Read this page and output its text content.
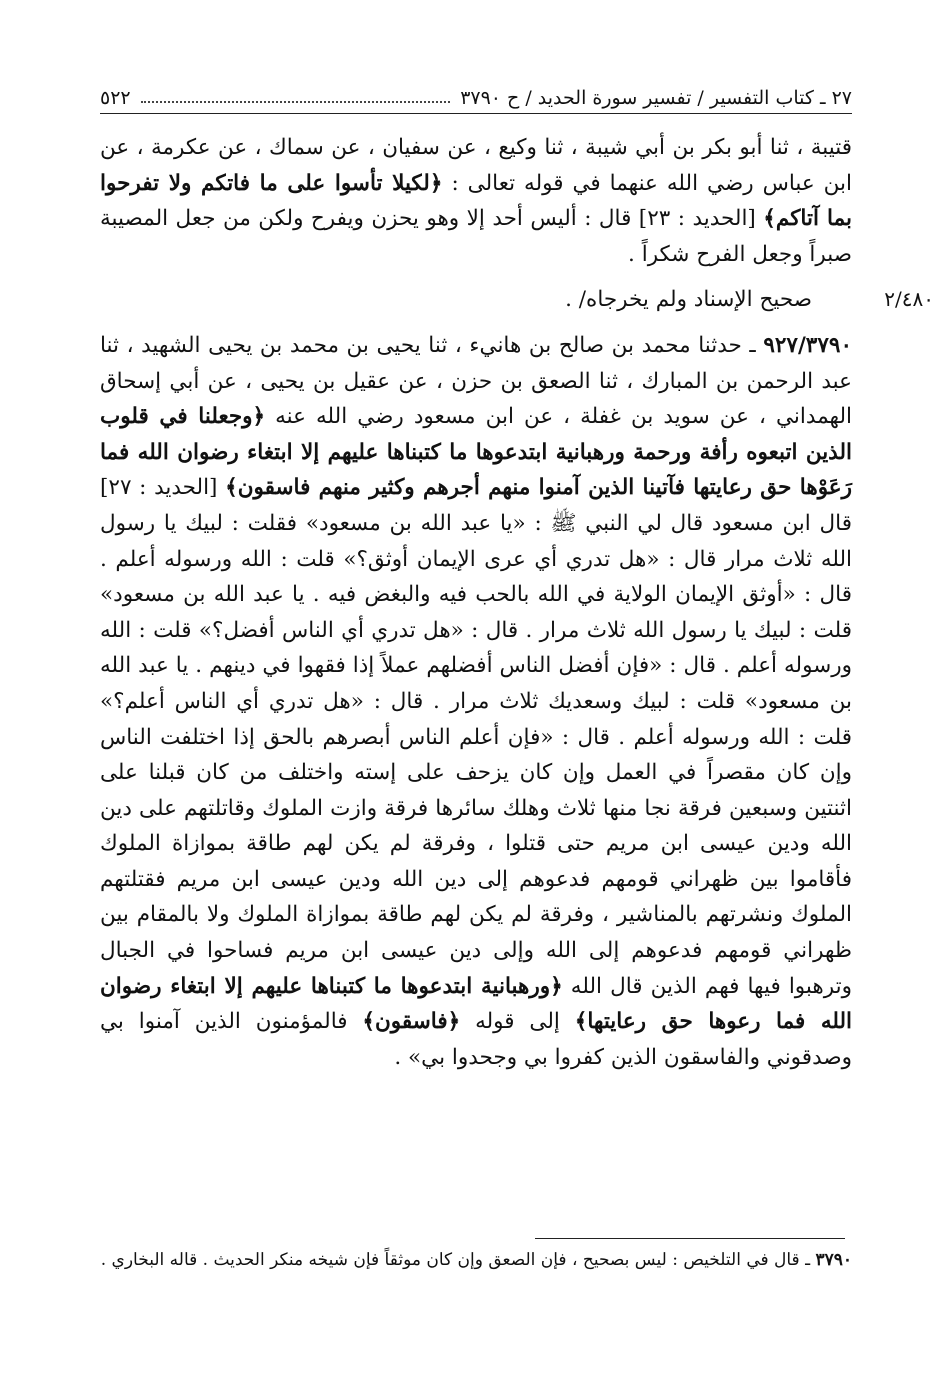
٢٧ ـ كتاب التفسير / تفسير سورة الحديد / ح ٣٧٩٠
٥٢٢

قتيبة ، ثنا أبو بكر بن أبي شيبة ، ثنا وكيع ، عن سفيان ، عن سماك ، عن عكرمة ، عن ابن عباس رضي الله عنهما في قوله تعالى : ﴿لكيلا تأسوا على ما فاتكم ولا تفرحوا بما آتاكم﴾ [الحديد : ٢٣] قال : أليس أحد إلا وهو يحزن ويفرح ولكن من جعل المصيبة صبراً وجعل الفرح شكراً .

٢/٤٨٠
صحيح الإسناد ولم يخرجاه/ .

٩٢٧/٣٧٩٠ ـ حدثنا محمد بن صالح بن هانيء ، ثنا يحيى بن محمد بن يحيى الشهيد ، ثنا عبد الرحمن بن المبارك ، ثنا الصعق بن حزن ، عن عقيل بن يحيى ، عن أبي إسحاق الهمداني ، عن سويد بن غفلة ، عن ابن مسعود رضي الله عنه ﴿وجعلنا في قلوب الذين اتبعوه رأفة ورحمة ورهبانية ابتدعوها ما كتبناها عليهم إلا ابتغاء رضوان الله فما رَعَوْها حق رعايتها فآتينا الذين آمنوا منهم أجرهم وكثير منهم فاسقون﴾ [الحديد : ٢٧] قال ابن مسعود قال لي النبي ﷺ : «يا عبد الله بن مسعود» فقلت : لبيك يا رسول الله ثلاث مرار قال : «هل تدري أي عرى الإيمان أوثق؟» قلت : الله ورسوله أعلم . قال : «أوثق الإيمان الولاية في الله بالحب فيه والبغض فيه . يا عبد الله بن مسعود» قلت : لبيك يا رسول الله ثلاث مرار . قال : «هل تدري أي الناس أفضل؟» قلت : الله ورسوله أعلم . قال : «فإن أفضل الناس أفضلهم عملاً إذا فقهوا في دينهم . يا عبد الله بن مسعود» قلت : لبيك وسعديك ثلاث مرار . قال : «هل تدري أي الناس أعلم؟» قلت : الله ورسوله أعلم . قال : «فإن أعلم الناس أبصرهم بالحق إذا اختلفت الناس وإن كان مقصراً في العمل وإن كان يزحف على إسته واختلف من كان قبلنا على اثنتين وسبعين فرقة نجا منها ثلاث وهلك سائرها فرقة وازت الملوك وقاتلتهم على دين الله ودين عيسى ابن مريم حتى قتلوا ، وفرقة لم يكن لهم طاقة بموازاة الملوك فأقاموا بين ظهراني قومهم فدعوهم إلى دين الله ودين عيسى ابن مريم فقتلتهم الملوك ونشرتهم بالمناشير ، وفرقة لم يكن لهم طاقة بموازاة الملوك ولا بالمقام بين ظهراني قومهم فدعوهم إلى الله وإلى دين عيسى ابن مريم فساحوا في الجبال وترهبوا فيها فهم الذين قال الله ﴿ورهبانية ابتدعوها ما كتبناها عليهم إلا ابتغاء رضوان الله فما رعوها حق رعايتها﴾ إلى قوله ﴿فاسقون﴾ فالمؤمنون الذين آمنوا بي وصدقوني والفاسقون الذين كفروا بي وجحدوا بي» .

٣٧٩٠ ـ قال في التلخيص : ليس بصحيح ، فإن الصعق وإن كان موثقاً فإن شيخه منكر الحديث . قاله البخاري .
